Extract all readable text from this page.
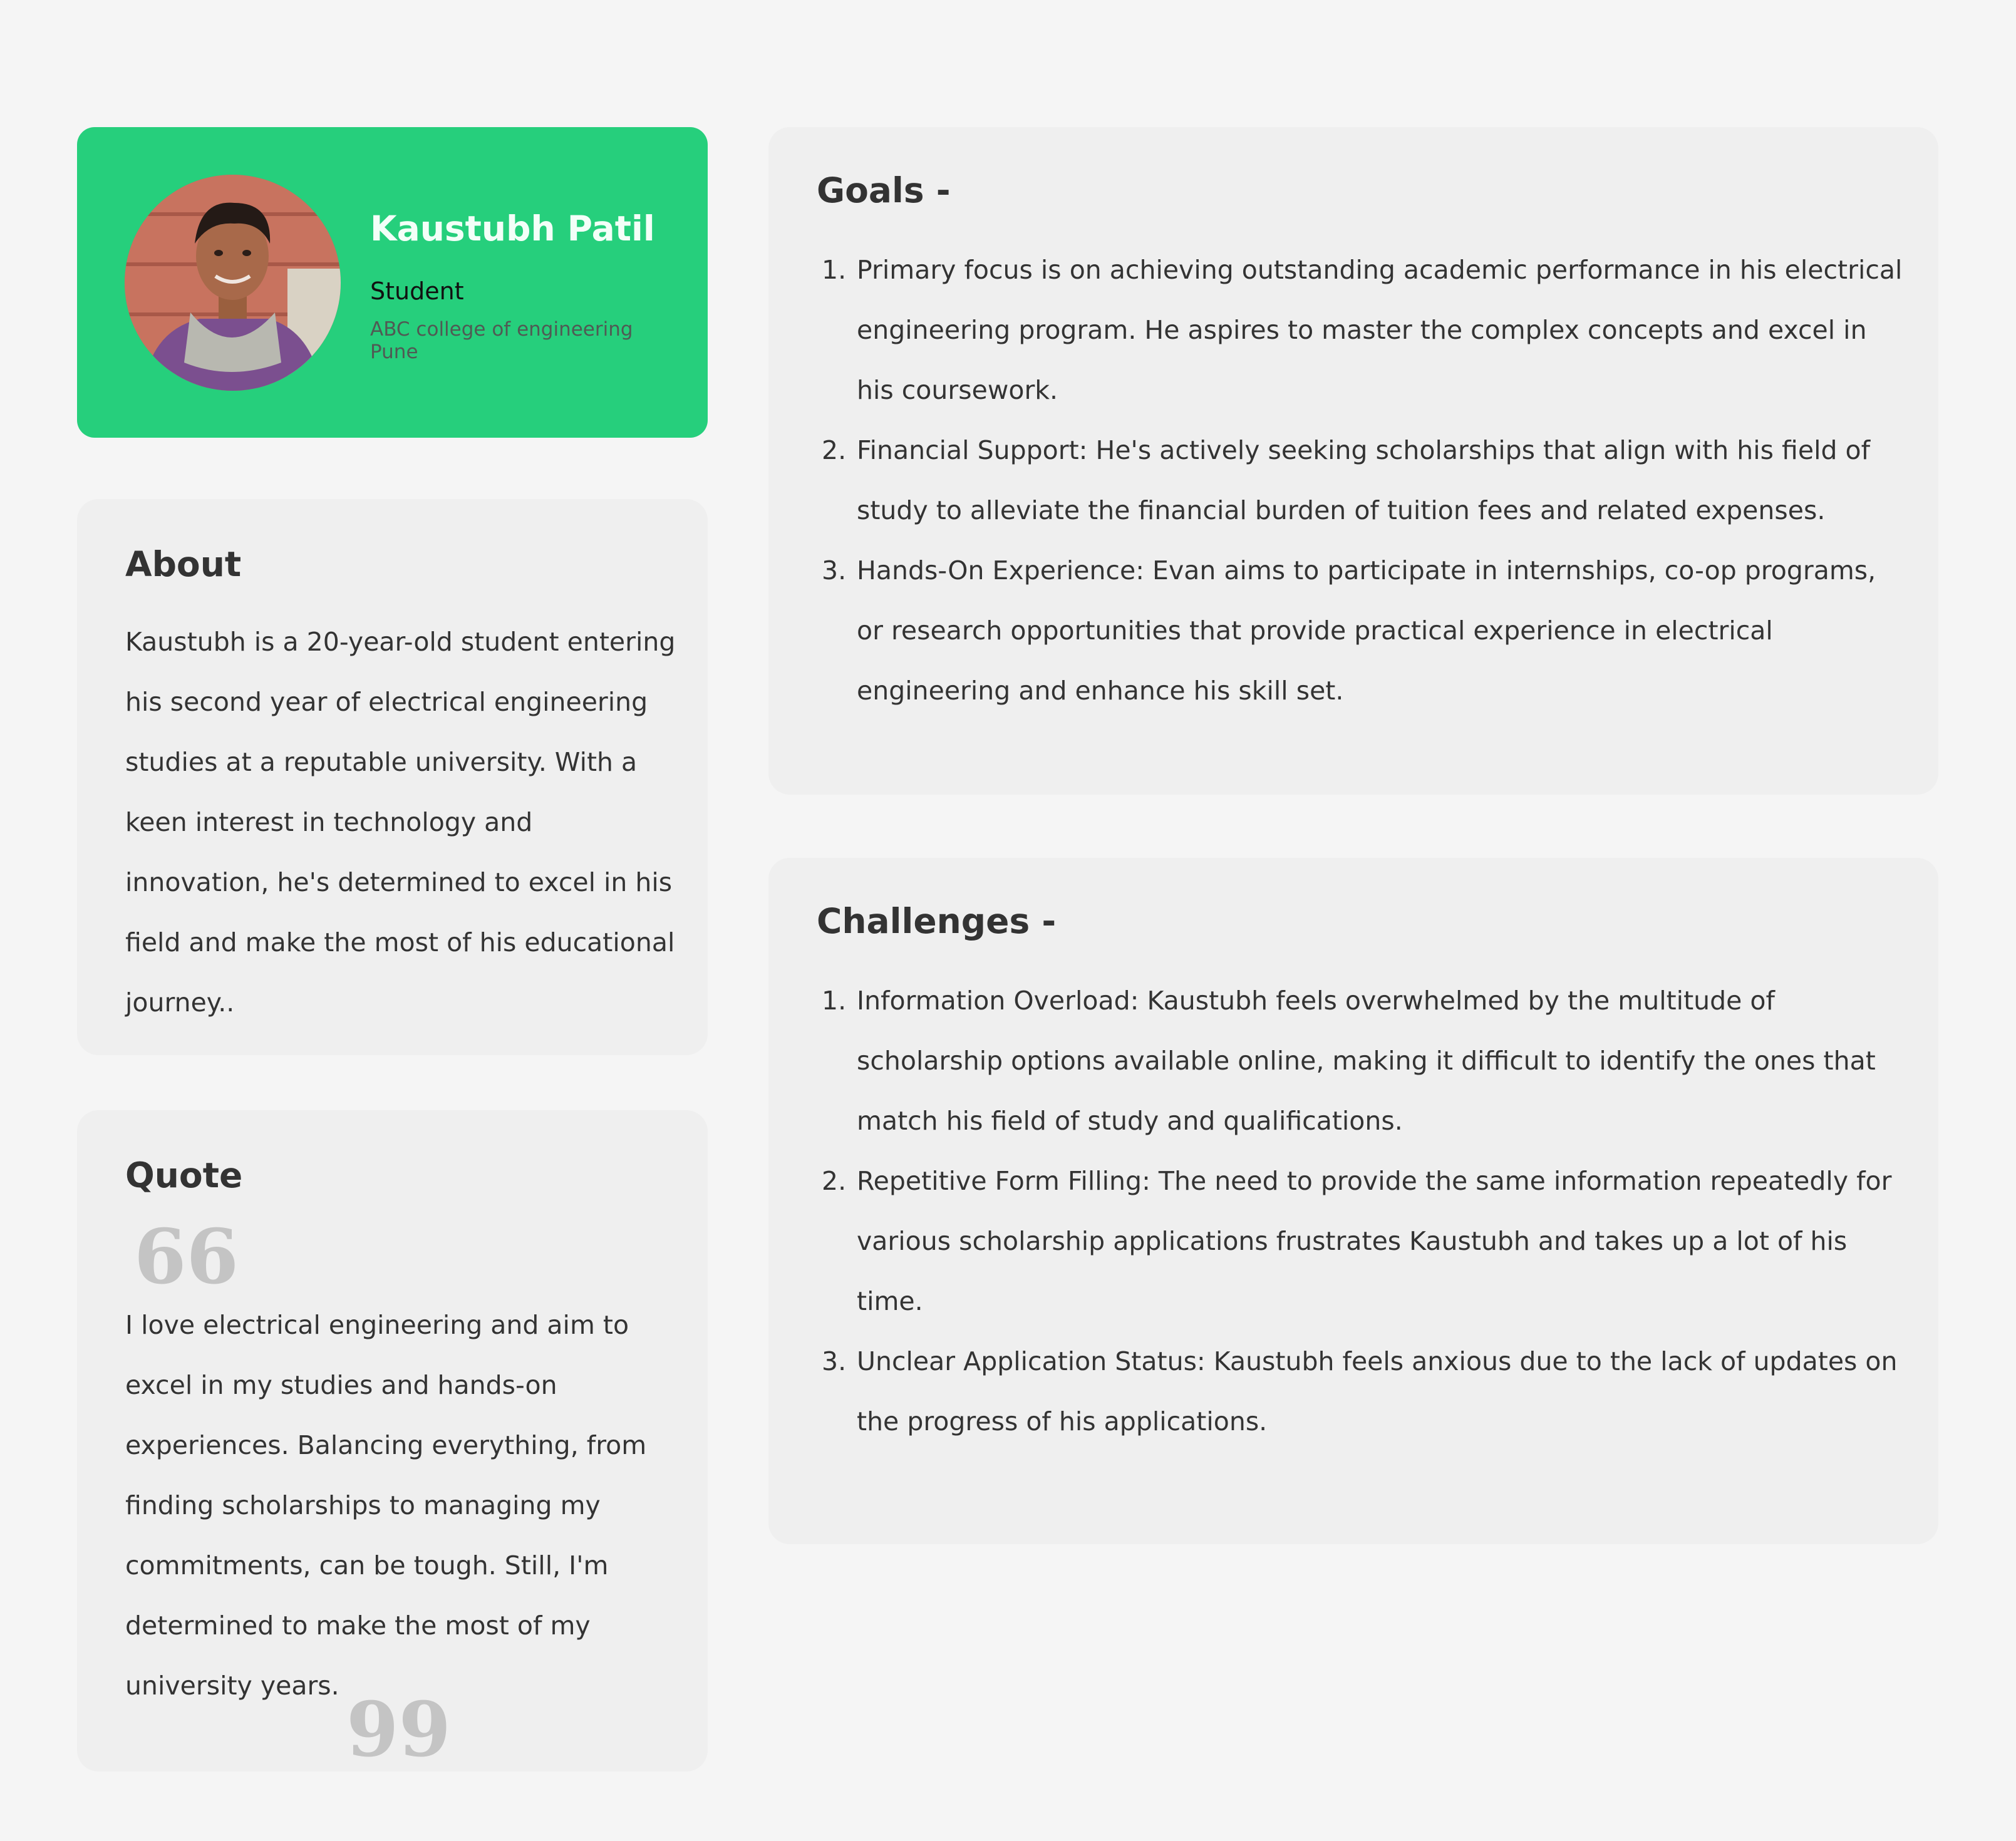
Kaustubh Patil
Student
ABC college of engineering Pune
About
Kaustubh is a 20-year-old student entering his second year of electrical engineering studies at a reputable university. With a keen interest in technology and innovation, he's determined to excel in his field and make the most of his educational journey..
Quote
66
I love electrical engineering and aim to excel in my studies and hands-on experiences. Balancing everything, from finding scholarships to managing my commitments, can be tough. Still, I'm determined to make the most of my university years. 99
Goals -
1. Primary focus is on achieving outstanding academic performance in his electrical engineering program. He aspires to master the complex concepts and excel in his coursework.
2. Financial Support: He's actively seeking scholarships that align with his field of study to alleviate the financial burden of tuition fees and related expenses.
3. Hands-On Experience: Evan aims to participate in internships, co-op programs, or research opportunities that provide practical experience in electrical engineering and enhance his skill set.
Challenges -
1. Information Overload: Kaustubh feels overwhelmed by the multitude of scholarship options available online, making it difficult to identify the ones that match his field of study and qualifications.
2. Repetitive Form Filling: The need to provide the same information repeatedly for various scholarship applications frustrates Kaustubh and takes up a lot of his time.
3. Unclear Application Status: Kaustubh feels anxious due to the lack of updates on the progress of his applications.
